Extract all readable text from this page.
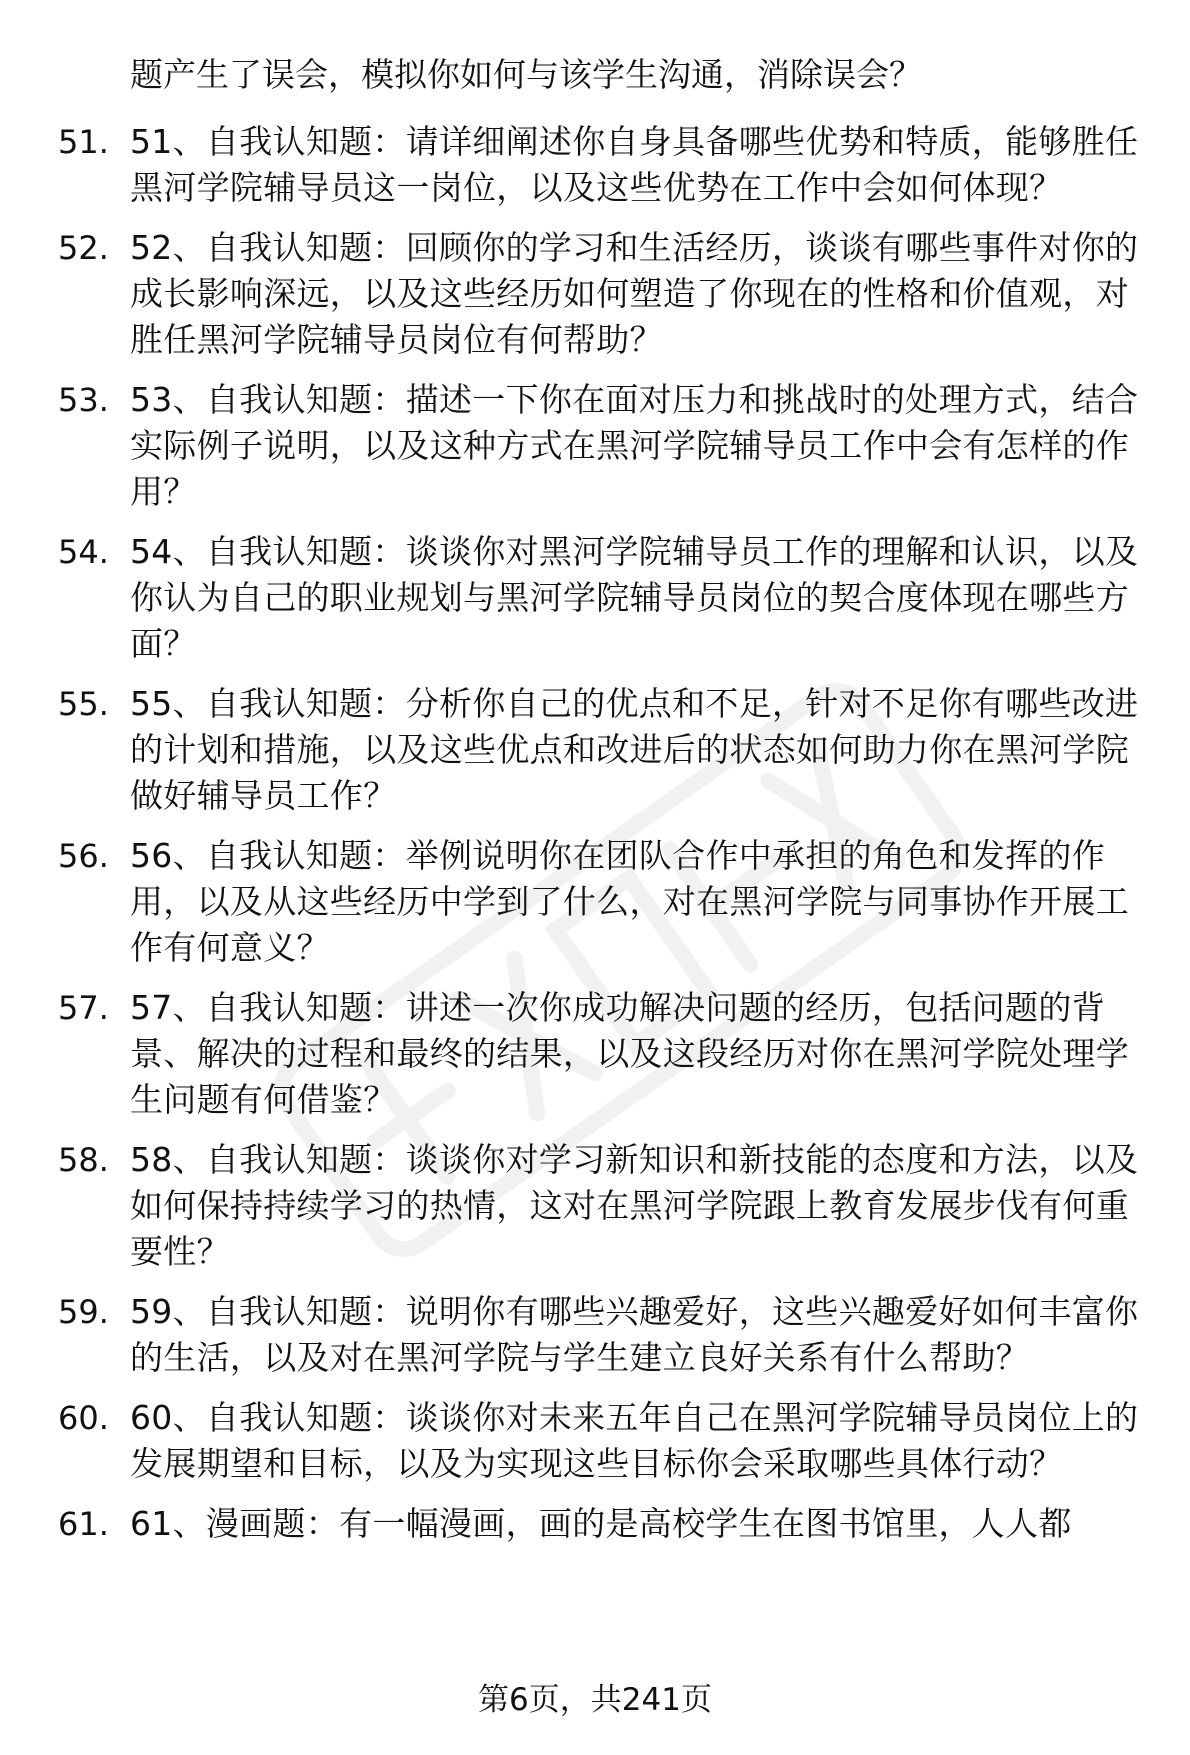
题产生了误会，模拟你如何与该学生沟通，消除误会？
51. 51、自我认知题：请详细阐述你自身具备哪些优势和特质，能够胜任黑河学院辅导员这一岗位，以及这些优势在工作中会如何体现？
52. 52、自我认知题：回顾你的学习和生活经历，谈谈有哪些事件对你的成长影响深远，以及这些经历如何塑造了你现在的性格和价值观，对胜任黑河学院辅导员岗位有何帮助？
53. 53、自我认知题：描述一下你在面对压力和挑战时的处理方式，结合实际例子说明，以及这种方式在黑河学院辅导员工作中会有怎样的作用？
54. 54、自我认知题：谈谈你对黑河学院辅导员工作的理解和认识，以及你认为自己的职业规划与黑河学院辅导员岗位的契合度体现在哪些方面？
55. 55、自我认知题：分析你自己的优点和不足，针对不足你有哪些改进的计划和措施，以及这些优点和改进后的状态如何助力你在黑河学院做好辅导员工作？
56. 56、自我认知题：举例说明你在团队合作中承担的角色和发挥的作用，以及从这些经历中学到了什么，对在黑河学院与同事协作开展工作有何意义？
57. 57、自我认知题：讲述一次你成功解决问题的经历，包括问题的背景、解决的过程和最终的结果，以及这段经历对你在黑河学院处理学生问题有何借鉴？
58. 58、自我认知题：谈谈你对学习新知识和新技能的态度和方法，以及如何保持持续学习的热情，这对在黑河学院跟上教育发展步伐有何重要性？
59. 59、自我认知题：说明你有哪些兴趣爱好，这些兴趣爱好如何丰富你的生活，以及对在黑河学院与学生建立良好关系有什么帮助？
60. 60、自我认知题：谈谈你对未来五年自己在黑河学院辅导员岗位上的发展期望和目标，以及为实现这些目标你会采取哪些具体行动？
61. 61、漫画题：有一幅漫画，画的是高校学生在图书馆里，人人都
第6页，共241页
